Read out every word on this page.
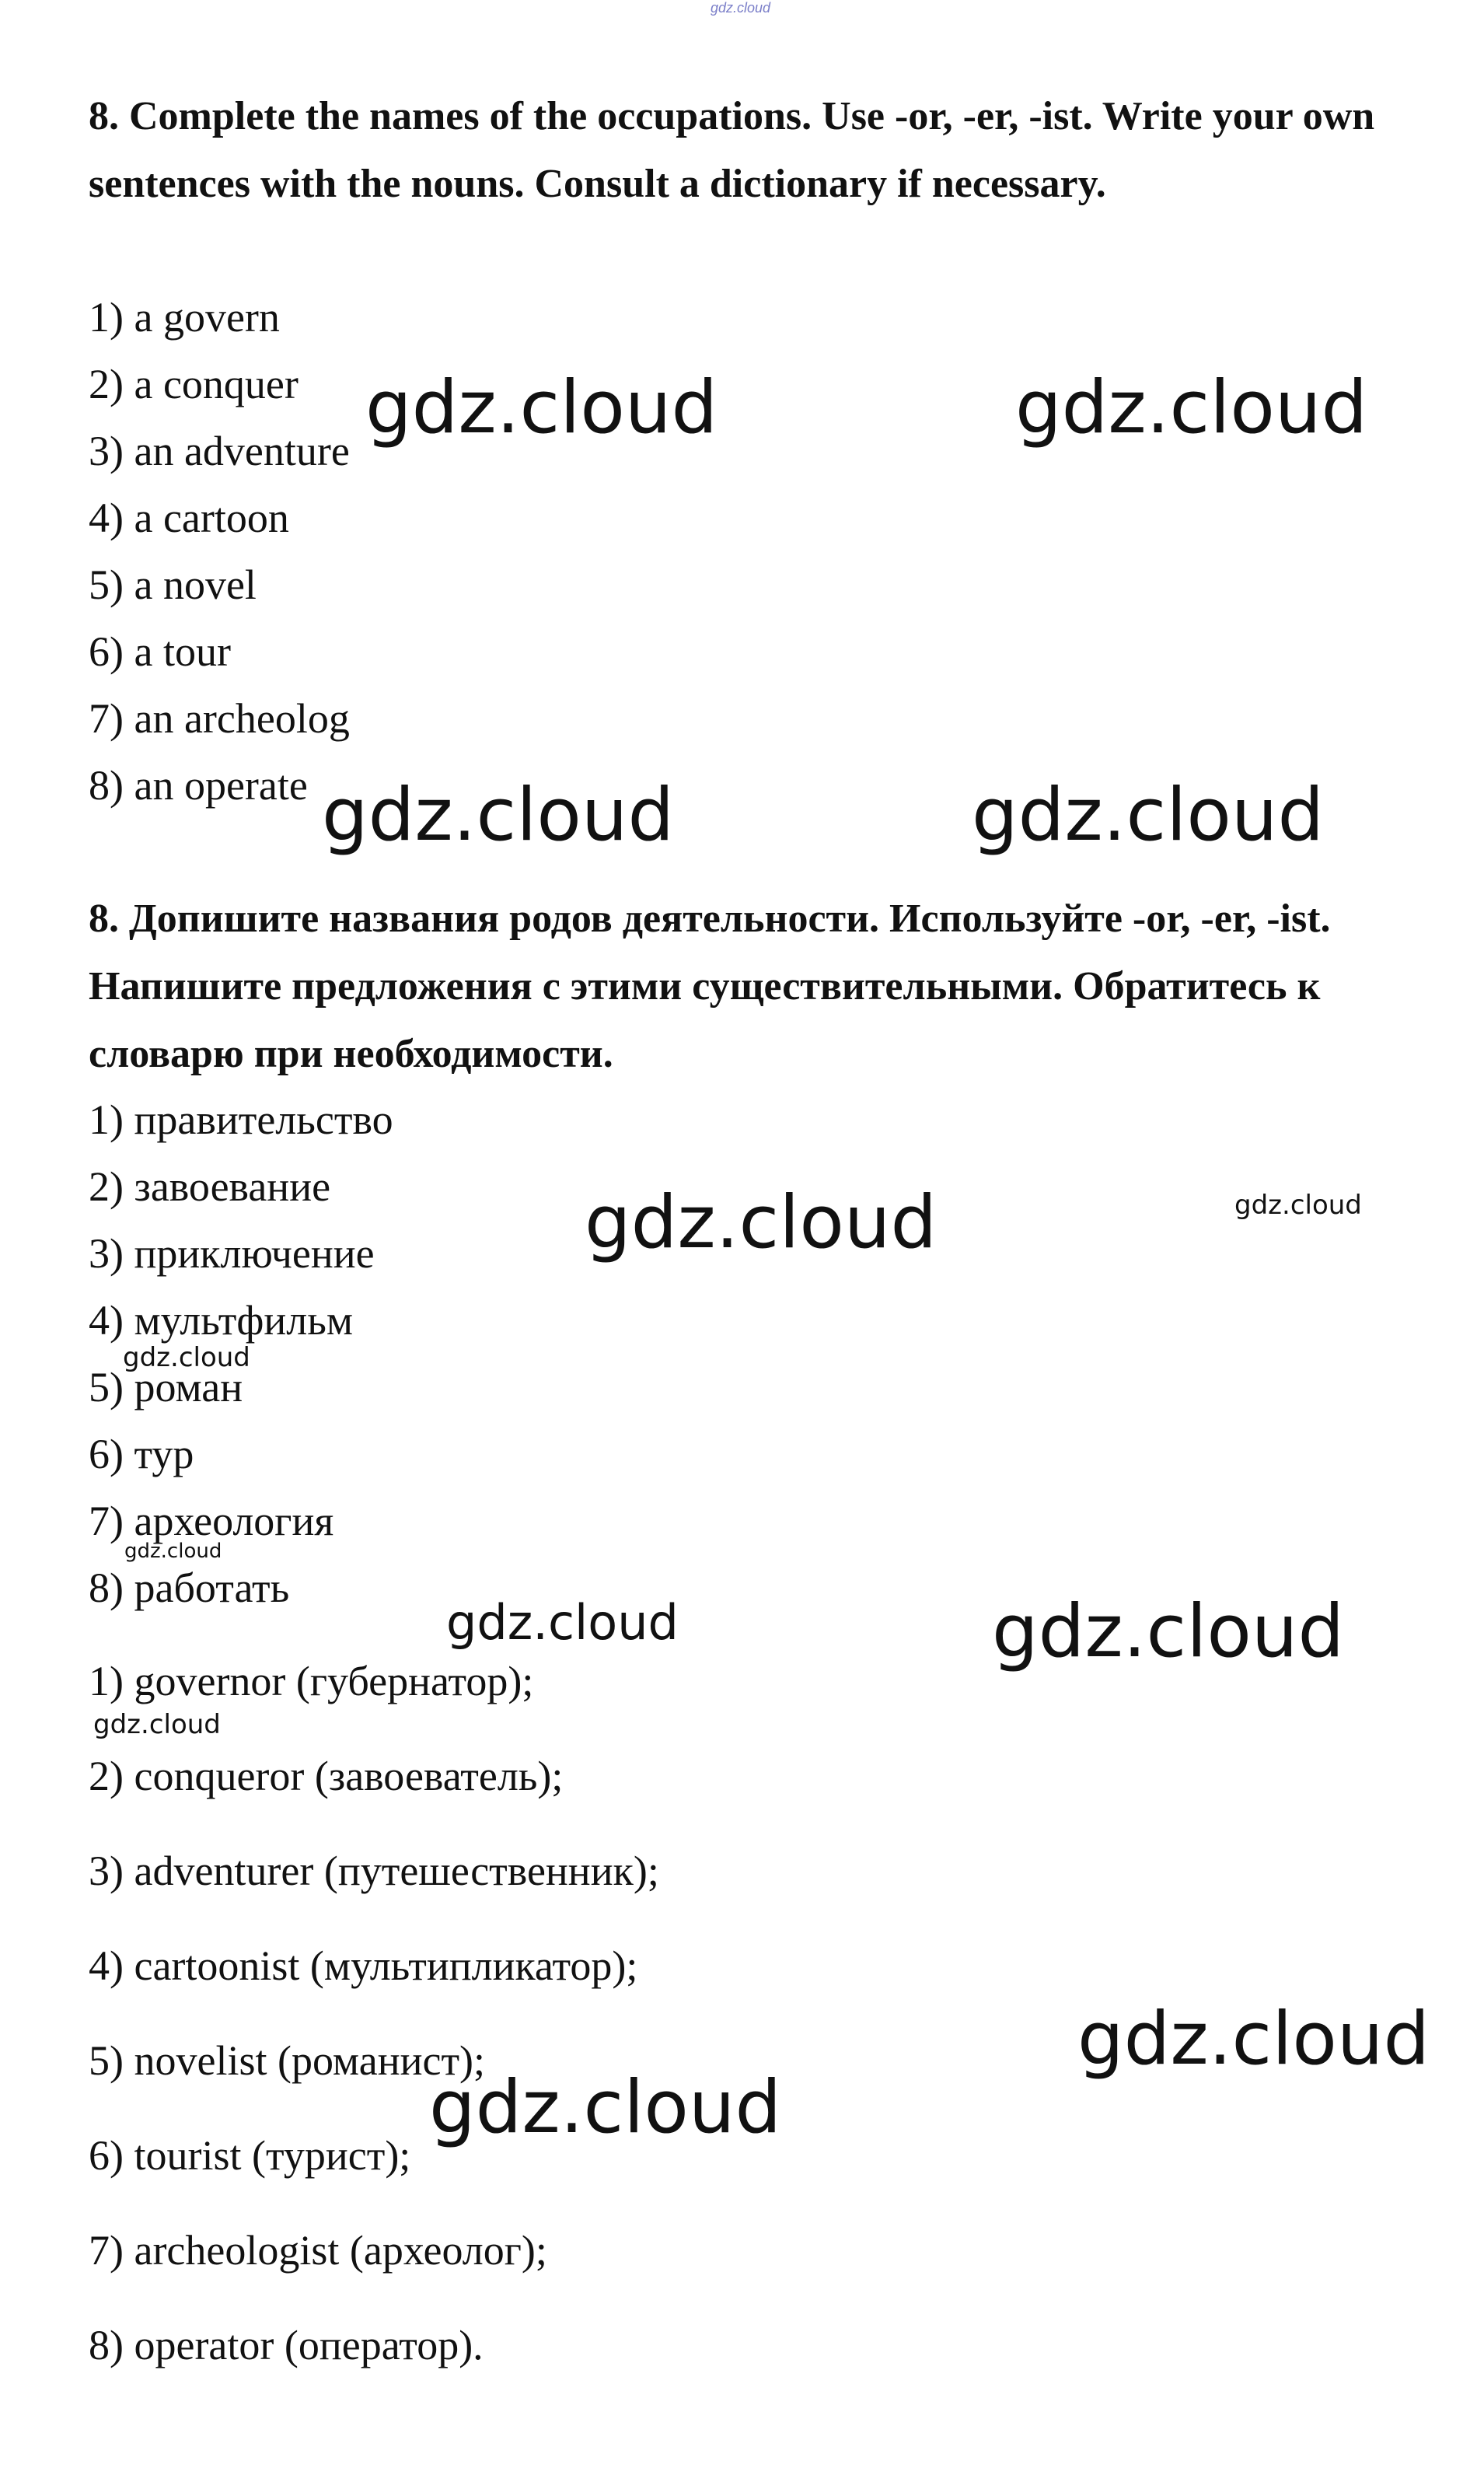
gdz.cloud

8. Complete the names of the occupations. Use -or, -er, -ist. Write your own sentences with the nouns. Consult a dictionary if necessary.

1) a govern
2) a conquer
3) an adventure
4) a cartoon
5) a novel
6) a tour
7) an archeolog
8) an operate

8. Допишите названия родов деятельности. Используйте -or, -er, -ist. Напишите предложения с этими существительными. Обратитесь к словарю при необходимости.

1) правительство
2) завоевание
3) приключение
4) мультфильм
5) роман
6) тур
7) археология
8) работать
1) governor (губернатор);
2) conqueror (завоеватель);
3) adventurer (путешественник);
4) cartoonist (мультипликатор);
5) novelist (романист);
6) tourist (турист);
7) archeologist (археолог);
8) operator (оператор).
gdz.cloud	gdz.cloud
gdz.cloud	gdz.cloud
gdz.cloud	gdz.cloud
gdz.cloud
gdz.cloud
gdz.cloud	gdz.cloud
gdz.cloud
gdz.cloud
gdz.cloud
